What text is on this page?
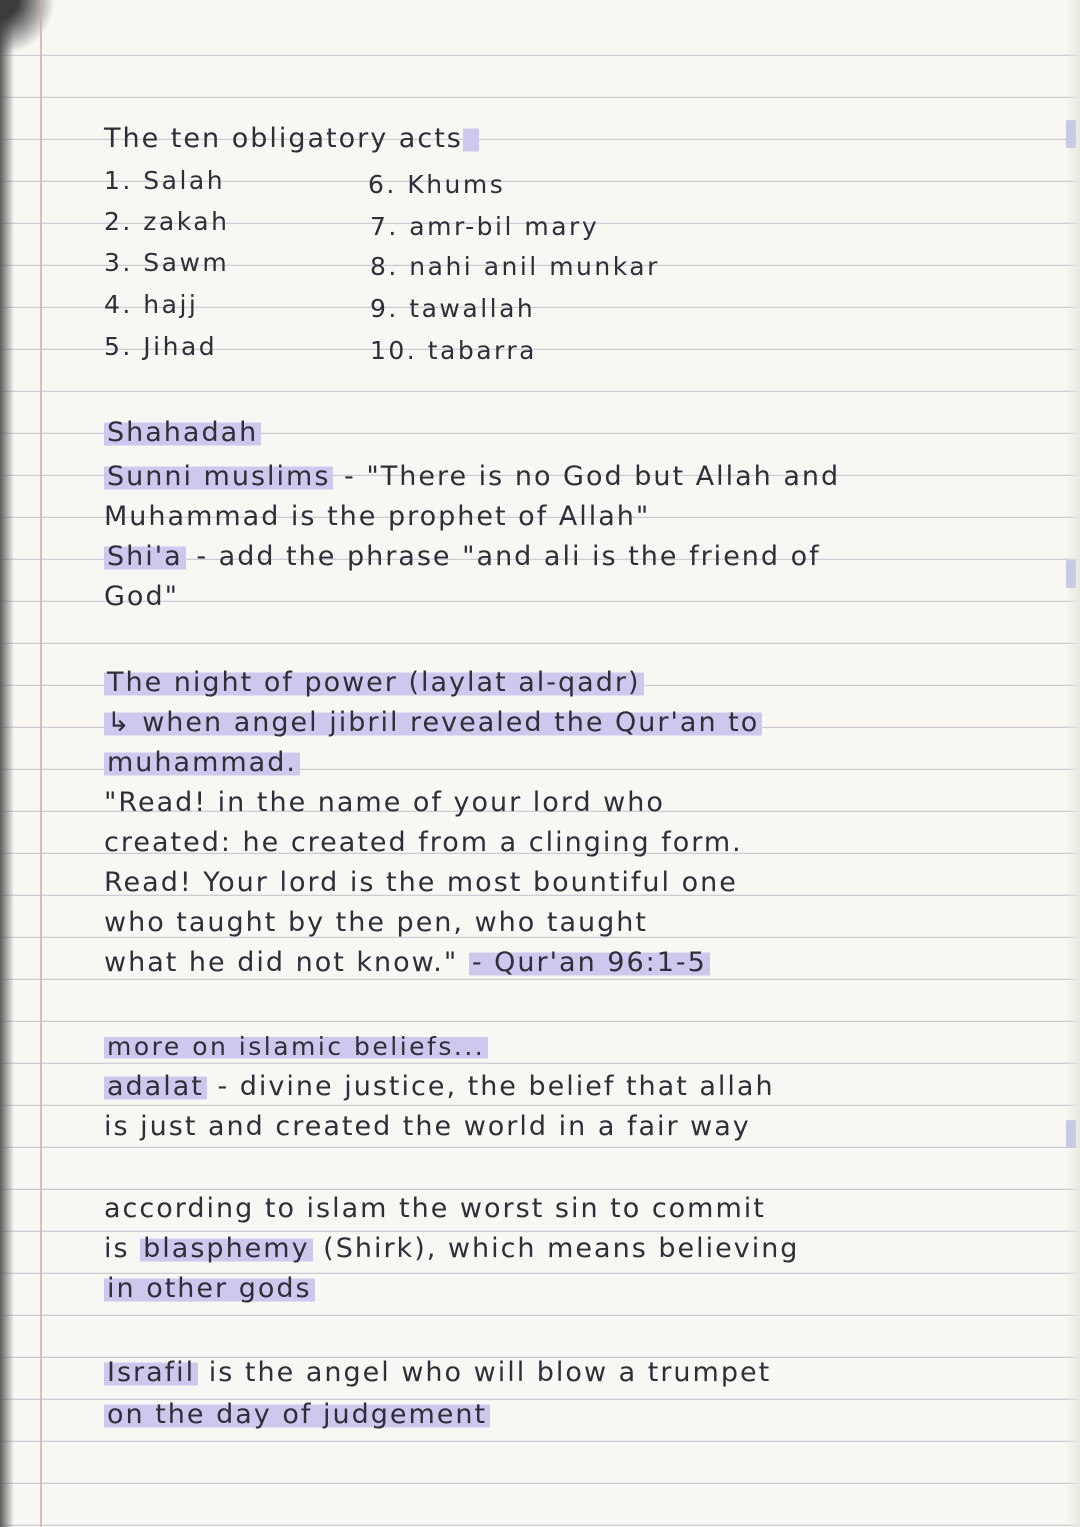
The ten obligatory acts
1. Salah
2. zakah
3. Sawm
4. hajj
5. Jihad
6. Khums
7. amr-bil mary
8. nahi anil munkar
9. tawallah
10. tabarra
Shahadah
Sunni muslims - "There is no God but Allah and
Muhammad is the prophet of Allah"
Shi'a - add the phrase "and ali is the friend of
God"
The night of power (laylat al-qadr)
↳ when angel jibril revealed the Qur'an to
muhammad.
"Read! in the name of your lord who
created: he created from a clinging form.
Read! Your lord is the most bountiful one
who taught by the pen, who taught
what he did not know." - Qur'an 96:1-5
more on islamic beliefs...
adalat - divine justice, the belief that allah
is just and created the world in a fair way
according to islam the worst sin to commit
is blasphemy (Shirk), which means believing
in other gods
Israfil is the angel who will blow a trumpet
on the day of judgement
